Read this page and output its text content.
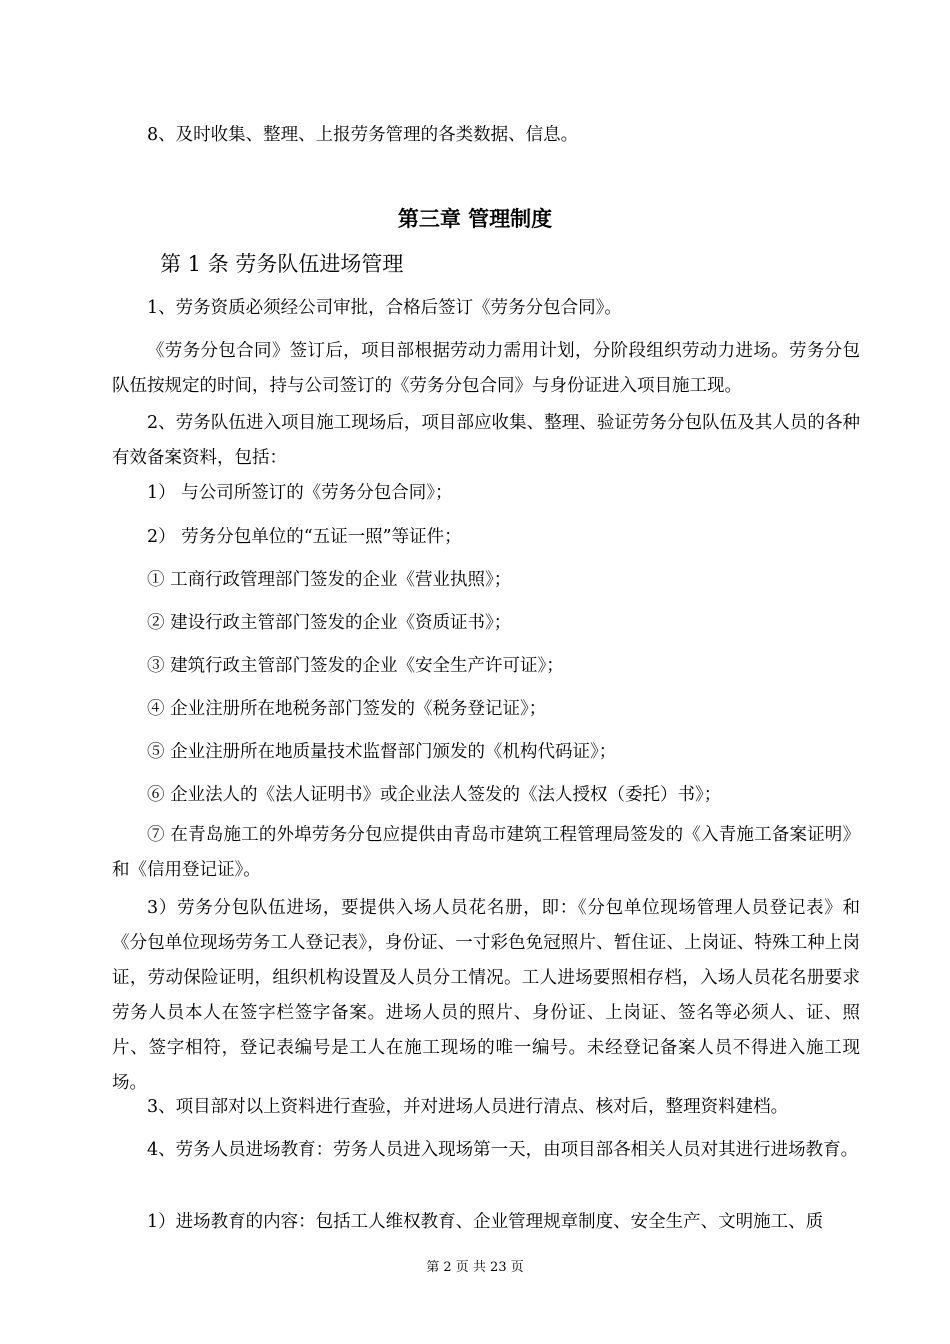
8、及时收集、整理、上报劳务管理的各类数据、信息。
第三章 管理制度
第 1 条 劳务队伍进场管理
1、劳务资质必须经公司审批，合格后签订《劳务分包合同》。
《劳务分包合同》签订后，项目部根据劳动力需用计划，分阶段组织劳动力进场。劳务分包队伍按规定的时间，持与公司签订的《劳务分包合同》与身份证进入项目施工现。
2、劳务队伍进入项目施工现场后，项目部应收集、整理、验证劳务分包队伍及其人员的各种有效备案资料，包括：
1） 与公司所签订的《劳务分包合同》；
2） 劳务分包单位的“五证一照”等证件；
① 工商行政管理部门签发的企业《营业执照》；
② 建设行政主管部门签发的企业《资质证书》；
③ 建筑行政主管部门签发的企业《安全生产许可证》；
④ 企业注册所在地税务部门签发的《税务登记证》；
⑤ 企业注册所在地质量技术监督部门颁发的《机构代码证》；
⑥ 企业法人的《法人证明书》或企业法人签发的《法人授权（委托）书》；
⑦ 在青岛施工的外埠劳务分包应提供由青岛市建筑工程管理局签发的《入青施工备案证明》和《信用登记证》。
3）劳务分包队伍进场，要提供入场人员花名册，即：《分包单位现场管理人员登记表》和《分包单位现场劳务工人登记表》，身份证、一寸彩色免冠照片、暂住证、上岗证、特殊工种上岗证，劳动保险证明，组织机构设置及人员分工情况。工人进场要照相存档，入场人员花名册要求劳务人员本人在签字栏签字备案。进场人员的照片、身份证、上岗证、签名等必须人、证、照片、签字相符，登记表编号是工人在施工现场的唯一编号。未经登记备案人员不得进入施工现场。
3、项目部对以上资料进行查验，并对进场人员进行清点、核对后，整理资料建档。
4、劳务人员进场教育：劳务人员进入现场第一天，由项目部各相关人员对其进行进场教育。
1）进场教育的内容：包括工人维权教育、企业管理规章制度、安全生产、文明施工、质
第 2 页 共 23 页
